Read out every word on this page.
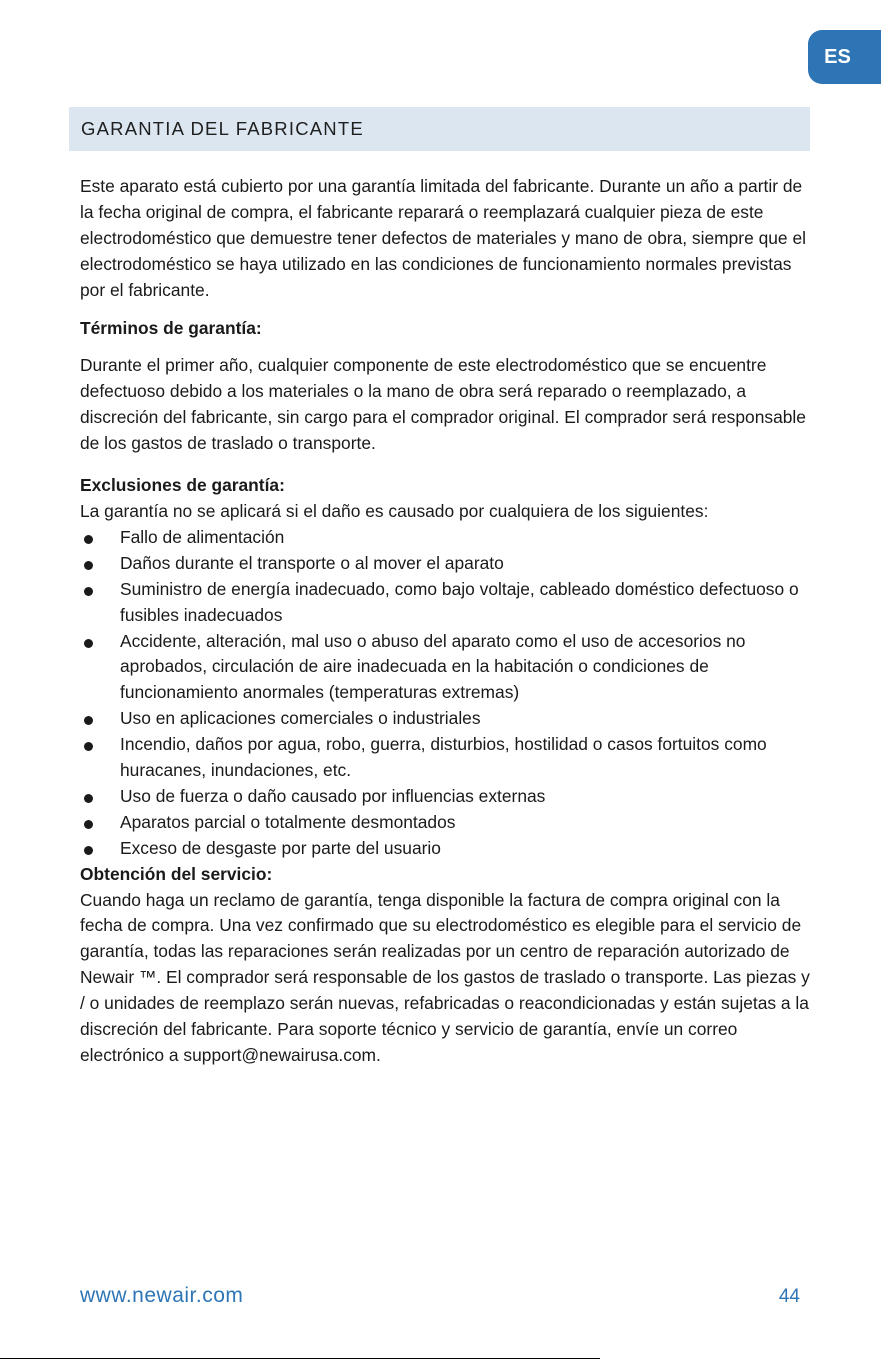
ES
GARANTIA DEL FABRICANTE

Este aparato está cubierto por una garantía limitada del fabricante. Durante un año a partir de la fecha original de compra, el fabricante reparará o reemplazará cualquier pieza de este electrodoméstico que demuestre tener defectos de materiales y mano de obra, siempre que el electrodoméstico se haya utilizado en las condiciones de funcionamiento normales previstas por el fabricante.

Términos de garantía:

Durante el primer año, cualquier componente de este electrodoméstico que se encuentre defectuoso debido a los materiales o la mano de obra será reparado o reemplazado, a discreción del fabricante, sin cargo para el comprador original. El comprador será responsable de los gastos de traslado o transporte.

Exclusiones de garantía:

La garantía no se aplicará si el daño es causado por cualquiera de los siguientes:

Fallo de alimentación
Daños durante el transporte o al mover el aparato
Suministro de energía inadecuado, como bajo voltaje, cableado doméstico defectuoso o fusibles inadecuados
Accidente, alteración, mal uso o abuso del aparato como el uso de accesorios no aprobados, circulación de aire inadecuada en la habitación o condiciones de funcionamiento anormales (temperaturas extremas)
Uso en aplicaciones comerciales o industriales
Incendio, daños por agua, robo, guerra, disturbios, hostilidad o casos fortuitos como huracanes, inundaciones, etc.
Uso de fuerza o daño causado por influencias externas
Aparatos parcial o totalmente desmontados
Exceso de desgaste por parte del usuario

Obtención del servicio:

Cuando haga un reclamo de garantía, tenga disponible la factura de compra original con la fecha de compra. Una vez confirmado que su electrodoméstico es elegible para el servicio de garantía, todas las reparaciones serán realizadas por un centro de reparación autorizado de Newair ™. El comprador será responsable de los gastos de traslado o transporte. Las piezas y / o unidades de reemplazo serán nuevas, refabricadas o reacondicionadas y están sujetas a la discreción del fabricante. Para soporte técnico y servicio de garantía, envíe un correo electrónico a support@newairusa.com.

www.newair.com	44
